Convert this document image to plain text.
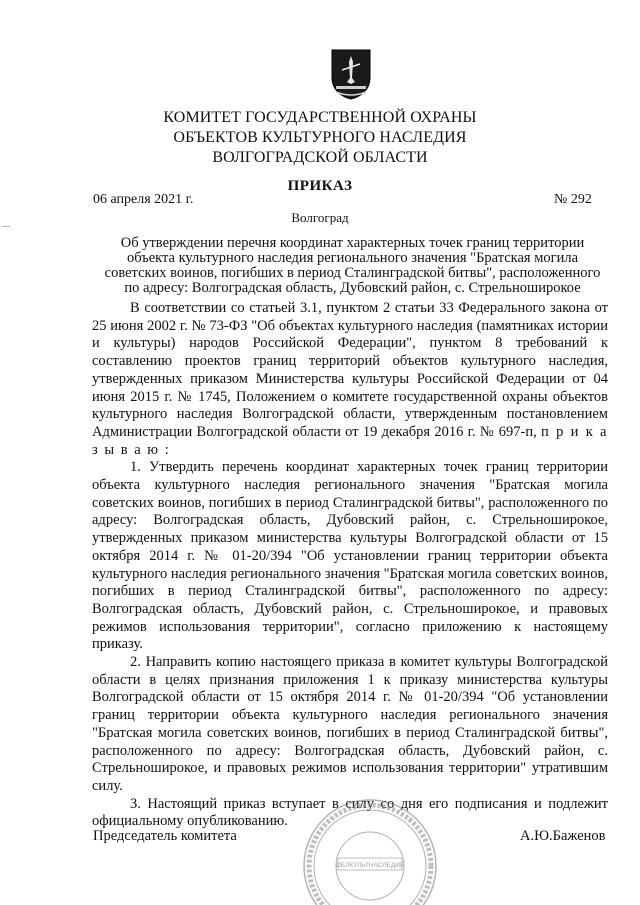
КОМИТЕТ ГОСУДАРСТВЕННОЙ ОХРАНЫ
ОБЪЕКТОВ КУЛЬТУРНОГО НАСЛЕДИЯ
ВОЛГОГРАДСКОЙ ОБЛАСТИ
ПРИКАЗ
06 апреля 2021 г.	№ 292
Волгоград
Об утверждении перечня координат характерных точек границ территории объекта культурного наследия регионального значения "Братская могила советских воинов, погибших в период Сталинградской битвы", расположенного по адресу: Волгоградская область, Дубовский район, с. Стрельноширокое

В соответствии со статьей 3.1, пунктом 2 статьи 33 Федерального закона от 25 июня 2002 г. № 73-ФЗ "Об объектах культурного наследия (памятниках истории и культуры) народов Российской Федерации", пунктом 8 требований к составлению проектов границ территорий объектов культурного наследия, утвержденных приказом Министерства культуры Российской Федерации от 04 июня 2015 г. № 1745, Положением о комитете государственной охраны объектов культурного наследия Волгоградской области, утвержденным постановлением Администрации Волгоградской области от 19 декабря 2016 г. № 697-п, п р и к а з ы в а ю :

1. Утвердить перечень координат характерных точек границ территории объекта культурного наследия регионального значения "Братская могила советских воинов, погибших в период Сталинградской битвы", расположенного по адресу: Волгоградская область, Дубовский район, с. Стрельноширокое, утвержденных приказом министерства культуры Волгоградской области от 15 октября 2014 г. № 01-20/394 "Об установлении границ территории объекта культурного наследия регионального значения "Братская могила советских воинов, погибших в период Сталинградской битвы", расположенного по адресу: Волгоградская область, Дубовский район, с. Стрельноширокое, и правовых режимов использования территории", согласно приложению к настоящему приказу.

2. Направить копию настоящего приказа в комитет культуры Волгоградской области в целях признания приложения 1 к приказу министерства культуры Волгоградской области от 15 октября 2014 г. № 01-20/394 "Об установлении границ территории объекта культурного наследия регионального значения "Братская могила советских воинов, погибших в период Сталинградской битвы", расположенного по адресу: Волгоградская область, Дубовский район, с. Стрельноширокое, и правовых режимов использования территории" утратившим силу.

3. Настоящий приказ вступает в силу со дня его подписания и подлежит официальному опубликованию.

ОБЛКУЛЬТНАСЛЕДИЕ
Председатель комитета	А.Ю.Баженов
